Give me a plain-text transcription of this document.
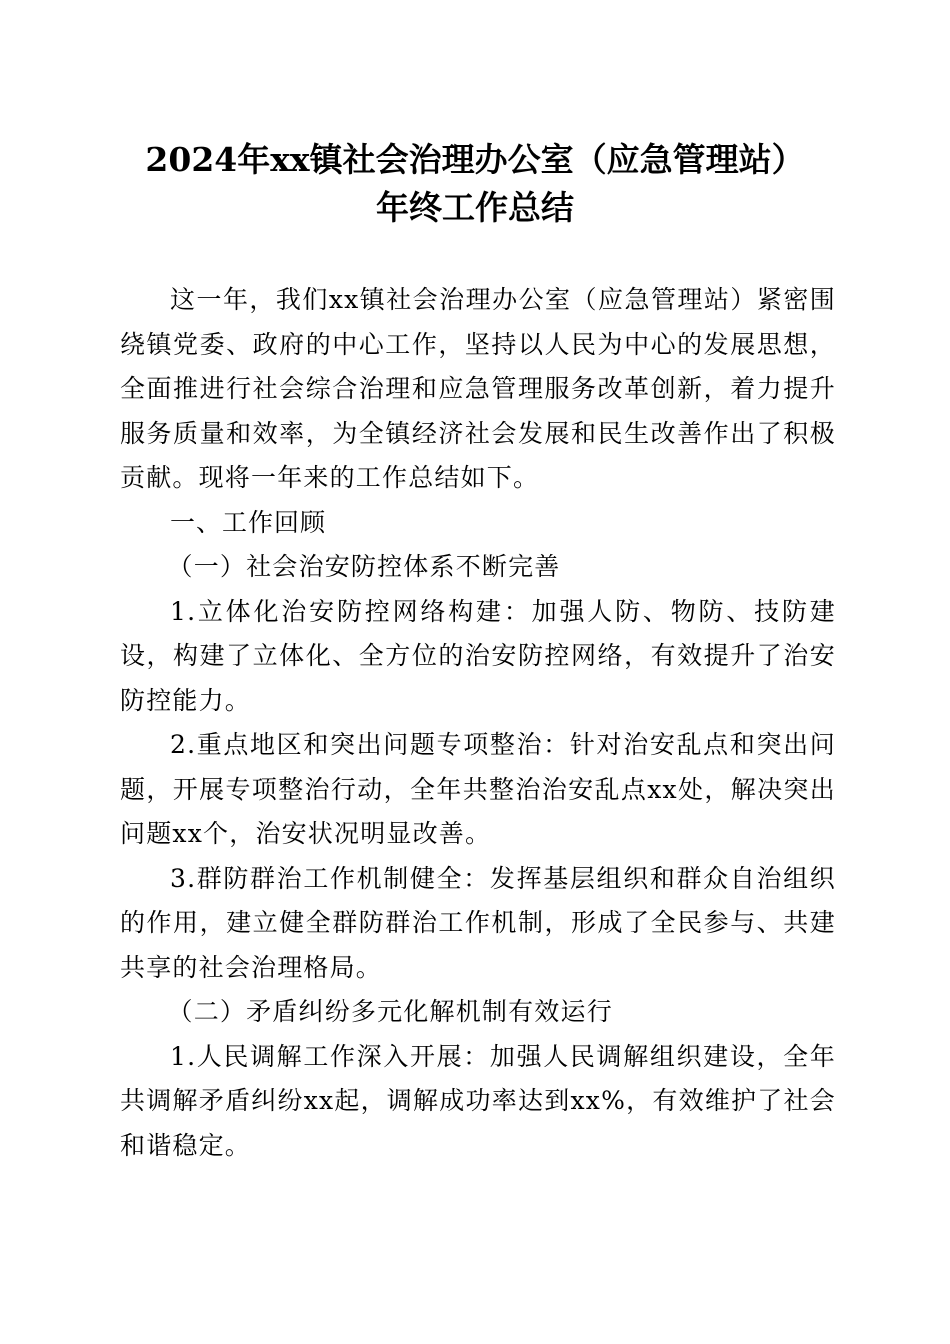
2024年xx镇社会治理办公室（应急管理站）
年终工作总结

这一年，我们xx镇社会治理办公室（应急管理站）紧密围绕镇党委、政府的中心工作，坚持以人民为中心的发展思想，全面推进行社会综合治理和应急管理服务改革创新，着力提升服务质量和效率，为全镇经济社会发展和民生改善作出了积极贡献。现将一年来的工作总结如下。

一、工作回顾

（一）社会治安防控体系不断完善

1.立体化治安防控网络构建：加强人防、物防、技防建设，构建了立体化、全方位的治安防控网络，有效提升了治安防控能力。

2.重点地区和突出问题专项整治：针对治安乱点和突出问题，开展专项整治行动，全年共整治治安乱点xx处，解决突出问题xx个，治安状况明显改善。

3.群防群治工作机制健全：发挥基层组织和群众自治组织的作用，建立健全群防群治工作机制，形成了全民参与、共建共享的社会治理格局。

（二）矛盾纠纷多元化解机制有效运行

1.人民调解工作深入开展：加强人民调解组织建设，全年共调解矛盾纠纷xx起，调解成功率达到xx%，有效维护了社会和谐稳定。
